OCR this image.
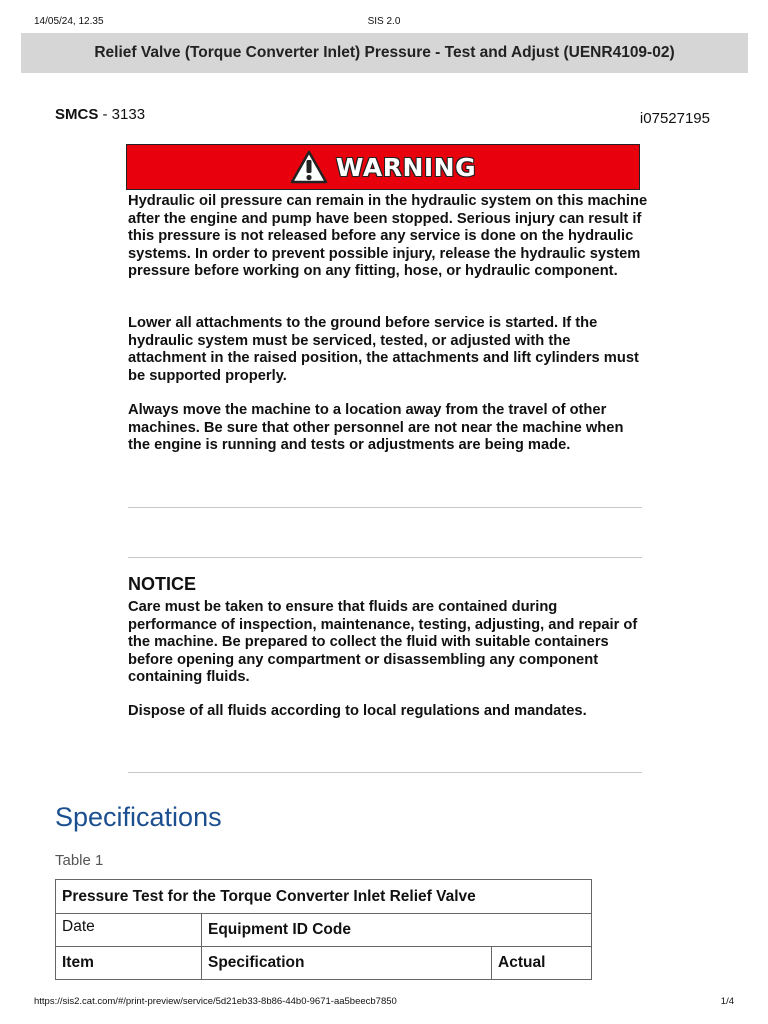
14/05/24, 12.35	SIS 2.0
Relief Valve (Torque Converter Inlet) Pressure - Test and Adjust (UENR4109-02)
SMCS - 3133	i07527195
WARNING

Hydraulic oil pressure can remain in the hydraulic system on this machine after the engine and pump have been stopped. Serious injury can result if this pressure is not released before any service is done on the hydraulic systems. In order to prevent possible injury, release the hydraulic system pressure before working on any fitting, hose, or hydraulic component.

Lower all attachments to the ground before service is started. If the hydraulic system must be serviced, tested, or adjusted with the attachment in the raised position, the attachments and lift cylinders must be supported properly.

Always move the machine to a location away from the travel of other machines. Be sure that other personnel are not near the machine when the engine is running and tests or adjustments are being made.

NOTICE

Care must be taken to ensure that fluids are contained during performance of inspection, maintenance, testing, adjusting, and repair of the machine. Be prepared to collect the fluid with suitable containers before opening any compartment or disassembling any component containing fluids.

Dispose of all fluids according to local regulations and mandates.

Specifications
Table 1
Pressure Test for the Torque Converter Inlet Relief Valve		
Date	Equipment ID Code	
Item	Specification	Actual
https://sis2.cat.com/#/print-preview/service/5d21eb33-8b86-44b0-9671-aa5beecb7850	1/4
